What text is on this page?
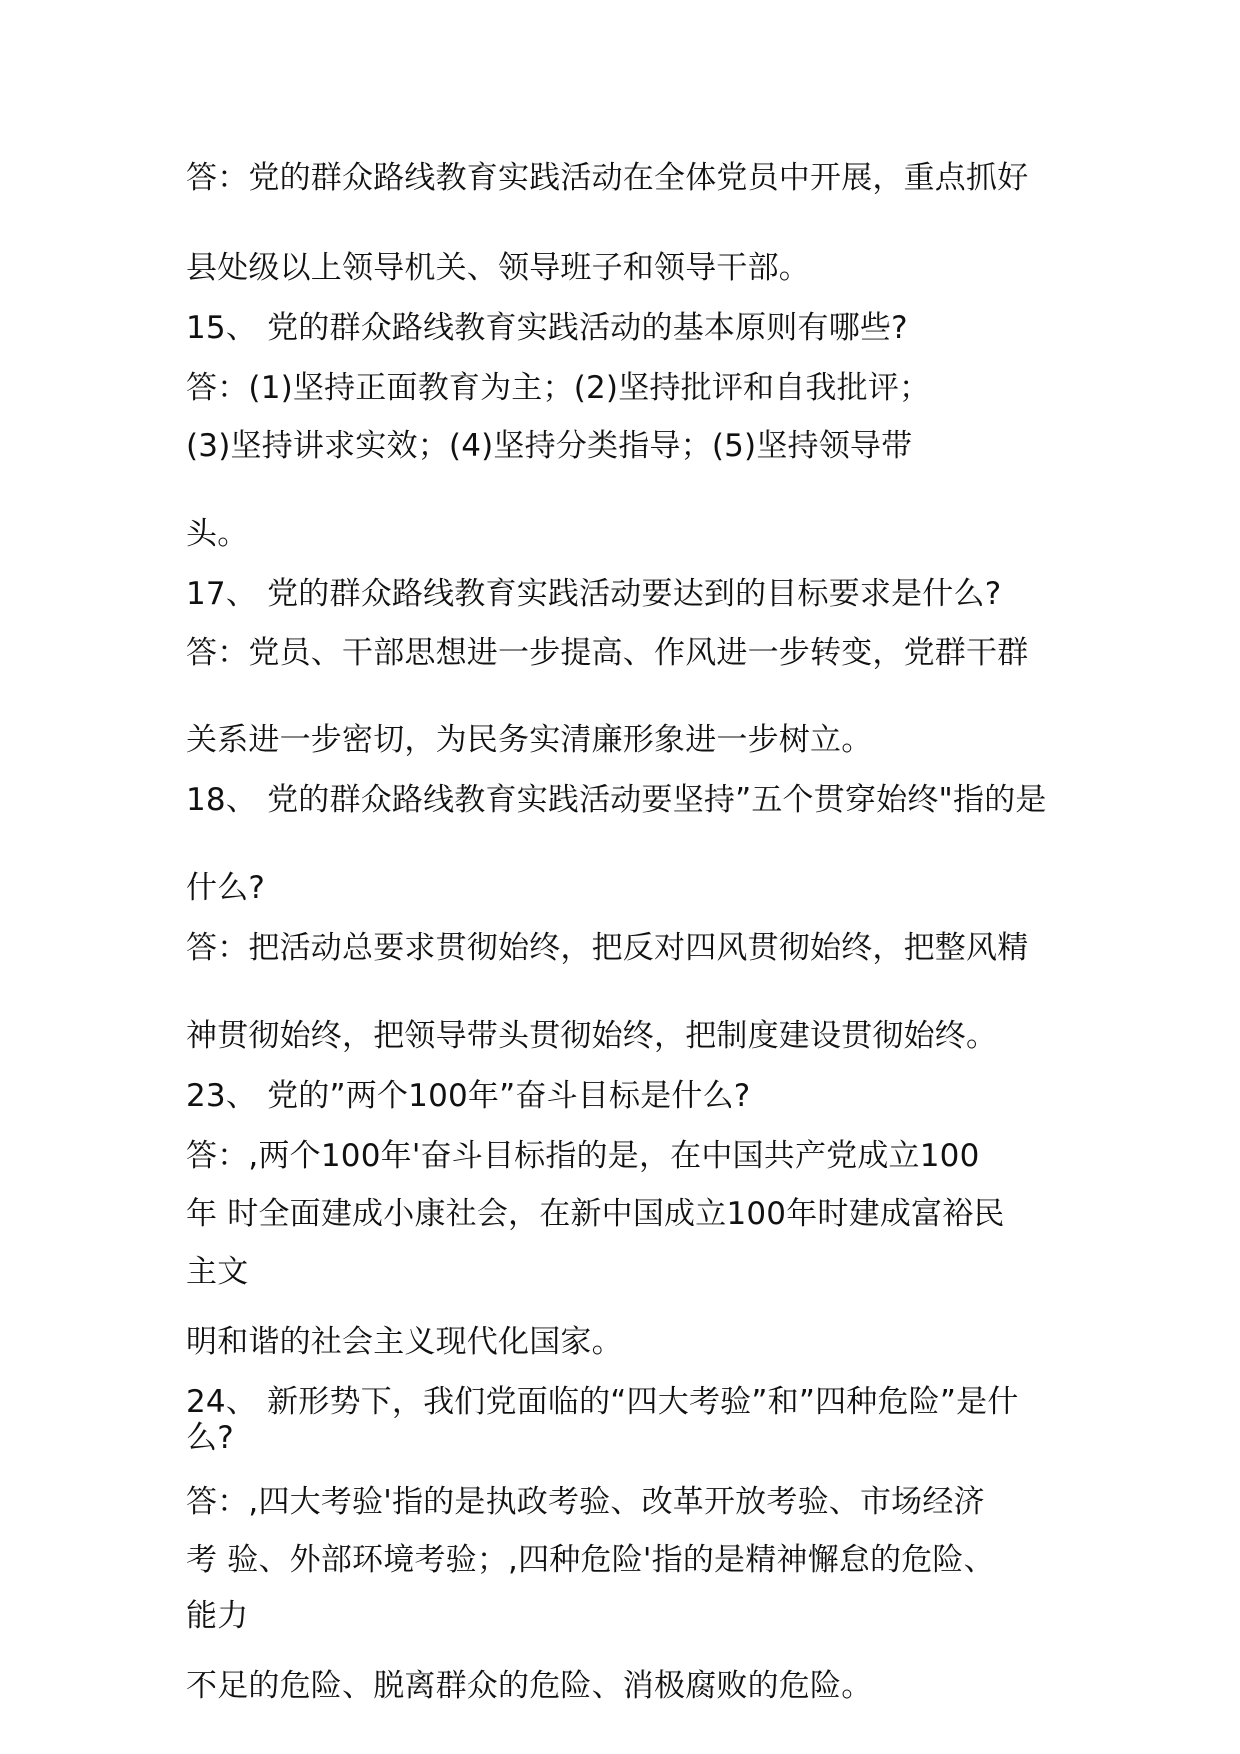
答：党的群众路线教育实践活动在全体党员中开展，重点抓好
县处级以上领导机关、领导班子和领导干部。
15、 党的群众路线教育实践活动的基本原则有哪些?
答：(1)坚持正面教育为主；(2)坚持批评和自我批评；
(3)坚持讲求实效；(4)坚持分类指导；(5)坚持领导带
头。
17、 党的群众路线教育实践活动要达到的目标要求是什么?
答：党员、干部思想进一步提高、作风进一步转变，党群干群
关系进一步密切，为民务实清廉形象进一步树立。
18、 党的群众路线教育实践活动要坚持”五个贯穿始终"指的是
什么?
答：把活动总要求贯彻始终，把反对四风贯彻始终，把整风精
神贯彻始终，把领导带头贯彻始终，把制度建设贯彻始终。
23、 党的”两个100年”奋斗目标是什么?
答：,两个100年'奋斗目标指的是，在中国共产党成立100
年 时全面建成小康社会，在新中国成立100年时建成富裕民
主文
明和谐的社会主义现代化国家。
24、 新形势下，我们党面临的“四大考验”和”四种危险”是什
么?
答：,四大考验'指的是执政考验、改革开放考验、市场经济
考 验、外部环境考验；,四种危险'指的是精神懈怠的危险、
能力
不足的危险、脱离群众的危险、消极腐败的危险。
